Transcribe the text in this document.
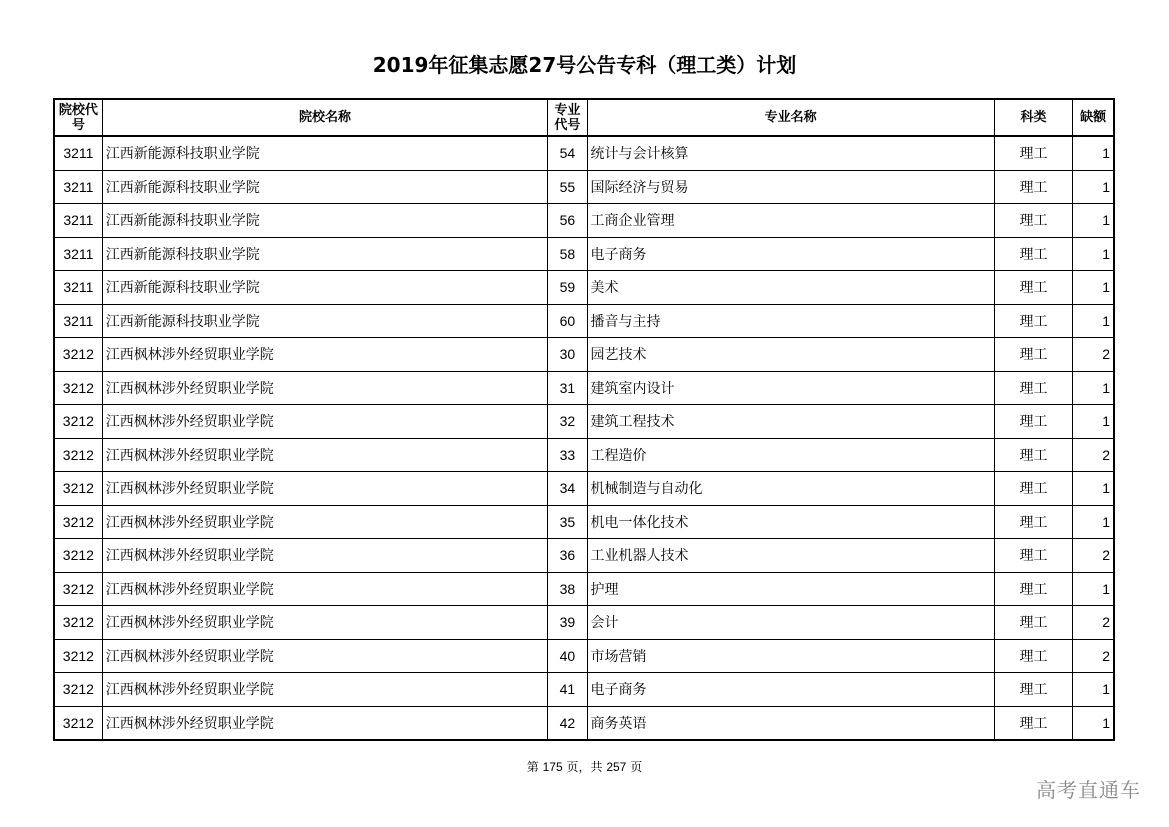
2019年征集志愿27号公告专科（理工类）计划
院校代号	院校名称	专业代号	专业名称	科类	缺额
3211	江西新能源科技职业学院	54	统计与会计核算	理工	1
3211	江西新能源科技职业学院	55	国际经济与贸易	理工	1
3211	江西新能源科技职业学院	56	工商企业管理	理工	1
3211	江西新能源科技职业学院	58	电子商务	理工	1
3211	江西新能源科技职业学院	59	美术	理工	1
3211	江西新能源科技职业学院	60	播音与主持	理工	1
3212	江西枫林涉外经贸职业学院	30	园艺技术	理工	2
3212	江西枫林涉外经贸职业学院	31	建筑室内设计	理工	1
3212	江西枫林涉外经贸职业学院	32	建筑工程技术	理工	1
3212	江西枫林涉外经贸职业学院	33	工程造价	理工	2
3212	江西枫林涉外经贸职业学院	34	机械制造与自动化	理工	1
3212	江西枫林涉外经贸职业学院	35	机电一体化技术	理工	1
3212	江西枫林涉外经贸职业学院	36	工业机器人技术	理工	2
3212	江西枫林涉外经贸职业学院	38	护理	理工	1
3212	江西枫林涉外经贸职业学院	39	会计	理工	2
3212	江西枫林涉外经贸职业学院	40	市场营销	理工	2
3212	江西枫林涉外经贸职业学院	41	电子商务	理工	1
3212	江西枫林涉外经贸职业学院	42	商务英语	理工	1
第 175 页，共 257 页
高考直通车
